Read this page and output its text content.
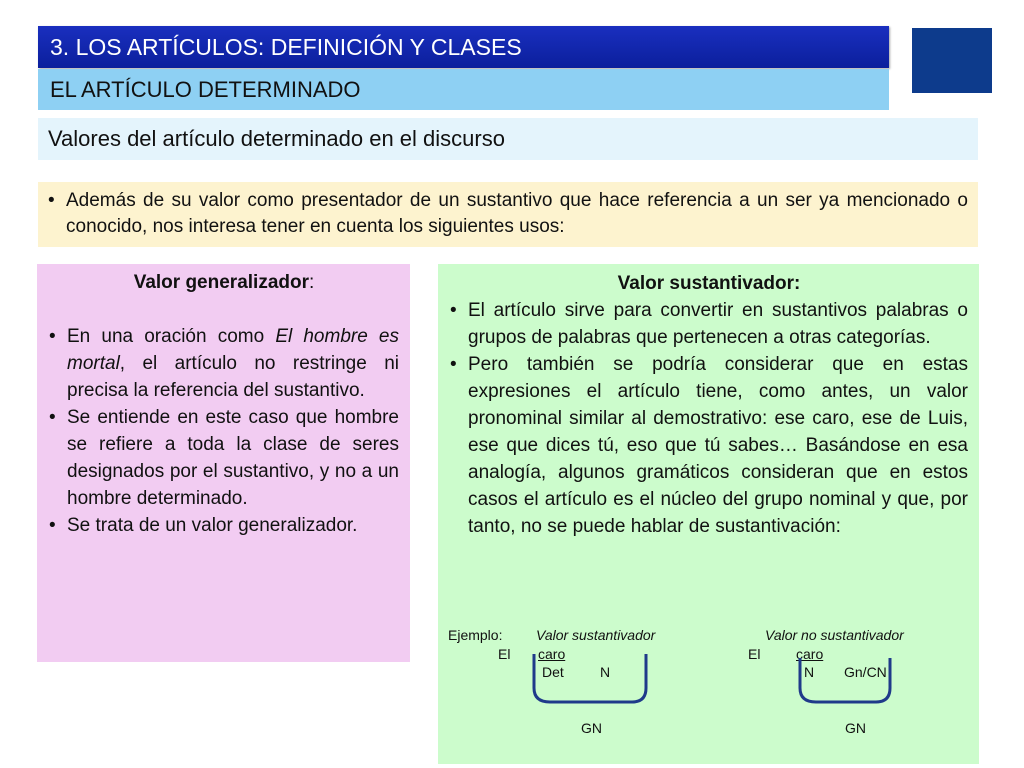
3. LOS ARTÍCULOS: DEFINICIÓN Y CLASES
EL ARTÍCULO DETERMINADO
Valores del artículo determinado en el discurso
• Además de su valor como presentador de un sustantivo que hace referencia a un ser ya mencionado o conocido, nos interesa tener en cuenta los siguientes usos:
Valor generalizador:
• En una oración como El hombre es mortal, el artículo no restringe ni precisa la referencia del sustantivo.
• Se entiende en este caso que hombre se refiere a toda la clase de seres designados por el sustantivo, y no a un hombre determinado.
• Se trata de un valor generalizador.
Valor sustantivador:
• El artículo sirve para convertir en sustantivos palabras o grupos de palabras que pertenecen a otras categorías.
• Pero también se podría considerar que en estas expresiones el artículo tiene, como antes, un valor pronominal similar al demostrativo: ese caro, ese de Luis, ese que dices tú, eso que tú sabes… Basándose en esa analogía, algunos gramáticos consideran que en estos casos el artículo es el núcleo del grupo nominal y que, por tanto, no se puede hablar de sustantivación:
Ejemplo: Valor sustantivador	Valor no sustantivador
El caro
Det	N
GN
El	caro
N Gn/CN
GN
